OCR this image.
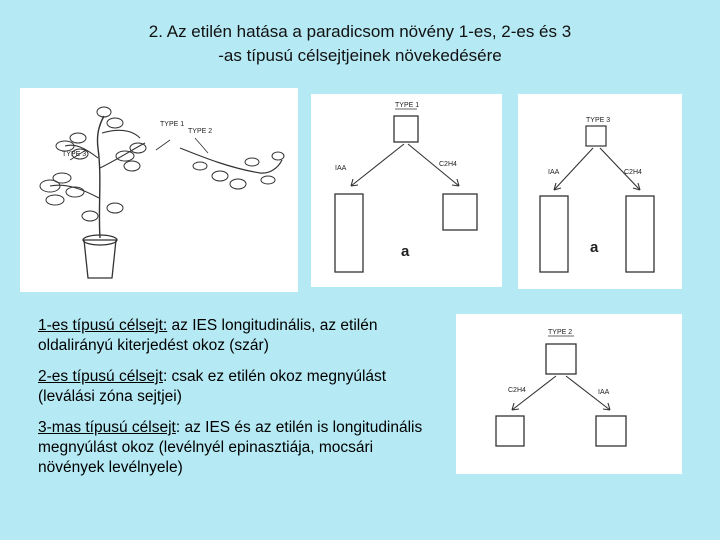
2. Az etilén hatása a paradicsom növény 1-es, 2-es és 3
-as típusú célsejtjeinek növekedésére
TYPE 3
TYPE 2
TYPE 1
TYPE 1
IAA
C2H4
a
TYPE 3
IAA	C2H4
a
TYPE 2
C2H4	IAA

1-es típusú célsejt: az IES longitudinális, az etilén oldalirányú kiterjedést okoz (szár)

2-es típusú célsejt: csak ez etilén okoz megnyúlást (leválási zóna sejtjei)

3-mas típusú célsejt: az IES és az etilén is longitudinális megnyúlást okoz (levélnyél epinasztiája, mocsári növények levélnyele)
